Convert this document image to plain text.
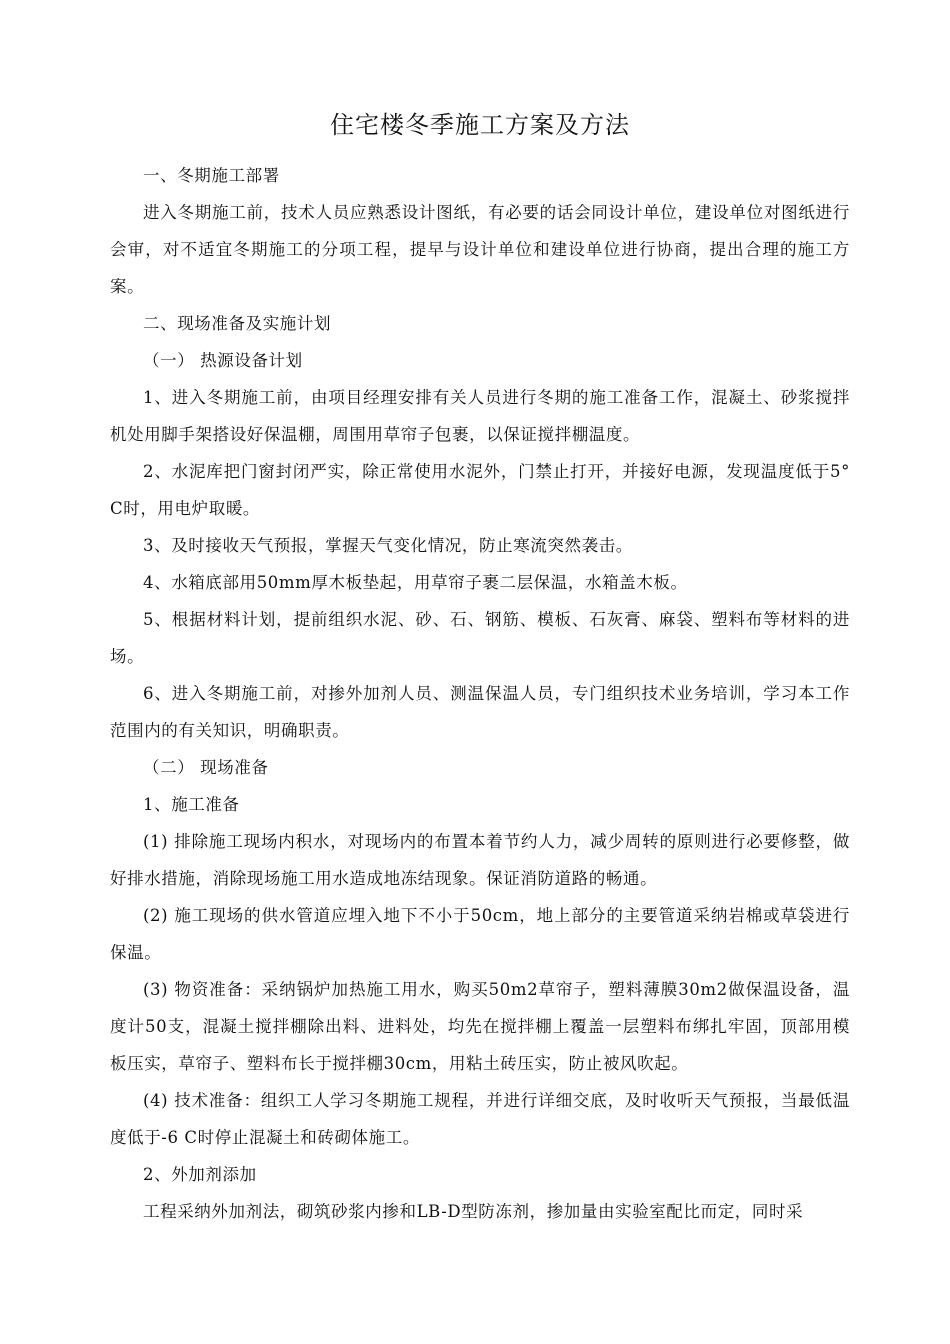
住宅楼冬季施工方案及方法

一、冬期施工部署

进入冬期施工前，技术人员应熟悉设计图纸，有必要的话会同设计单位，建设单位对图纸进行会审，对不适宜冬期施工的分项工程，提早与设计单位和建设单位进行协商，提出合理的施工方案。

二、现场准备及实施计划

（一） 热源设备计划

1、进入冬期施工前，由项目经理安排有关人员进行冬期的施工准备工作，混凝土、砂浆搅拌机处用脚手架搭设好保温棚，周围用草帘子包裹，以保证搅拌棚温度。

2、水泥库把门窗封闭严实，除正常使用水泥外，门禁止打开，并接好电源，发现温度低于5° C时，用电炉取暖。

3、及时接收天气预报，掌握天气变化情况，防止寒流突然袭击。

4、水箱底部用50mm厚木板垫起，用草帘子裹二层保温，水箱盖木板。

5、根据材料计划，提前组织水泥、砂、石、钢筋、模板、石灰膏、麻袋、塑料布等材料的进场。

6、进入冬期施工前，对掺外加剂人员、测温保温人员，专门组织技术业务培训，学习本工作范围内的有关知识，明确职责。

（二） 现场准备

1、施工准备

(1) 排除施工现场内积水，对现场内的布置本着节约人力，减少周转的原则进行必要修整，做好排水措施，消除现场施工用水造成地冻结现象。保证消防道路的畅通。

(2) 施工现场的供水管道应埋入地下不小于50cm，地上部分的主要管道采纳岩棉或草袋进行保温。

(3) 物资准备：采纳锅炉加热施工用水，购买50m2草帘子，塑料薄膜30m2做保温设备，温度计50支，混凝土搅拌棚除出料、进料处，均先在搅拌棚上覆盖一层塑料布绑扎牢固，顶部用模板压实，草帘子、塑料布长于搅拌棚30cm，用粘土砖压实，防止被风吹起。

(4) 技术准备：组织工人学习冬期施工规程，并进行详细交底，及时收听天气预报，当最低温度低于-6 C时停止混凝土和砖砌体施工。

2、外加剂添加

工程采纳外加剂法，砌筑砂浆内掺和LB-D型防冻剂，掺加量由实验室配比而定，同时采
